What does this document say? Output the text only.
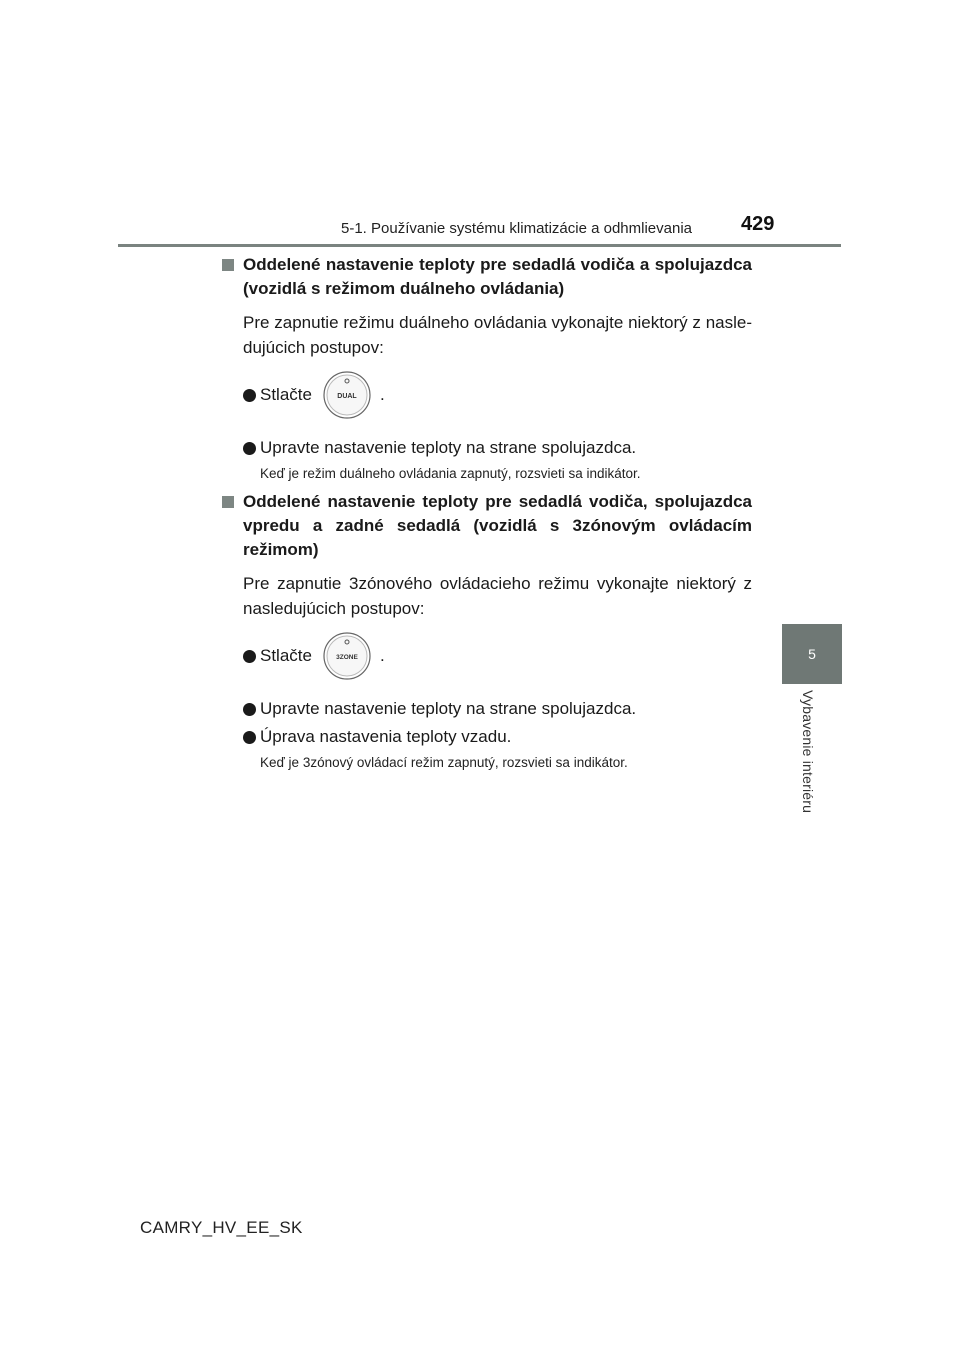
5-1. Používanie systému klimatizácie a odhmlievania 429
5
Vybavenie interiéru
Oddelené nastavenie teploty pre sedadlá vodiča a spolujazdca (vozidlá s režimom duálneho ovládania)
Pre zapnutie režimu duálneho ovládania vykonajte niektorý z nasle-dujúcich postupov:
Stlačte	DUAL .
Upravte nastavenie teploty na strane spolujazdca.
Keď je režim duálneho ovládania zapnutý, rozsvieti sa indikátor.
Oddelené nastavenie teploty pre sedadlá vodiča, spolujazdca vpredu a zadné sedadlá (vozidlá s 3zónovým ovládacím režimom)
Pre zapnutie 3zónového ovládacieho režimu vykonajte niektorý z nasledujúcich postupov:
Stlačte	3ZONE .
Upravte nastavenie teploty na strane spolujazdca.
Úprava nastavenia teploty vzadu.
Keď je 3zónový ovládací režim zapnutý, rozsvieti sa indikátor.
CAMRY_HV_EE_SK
